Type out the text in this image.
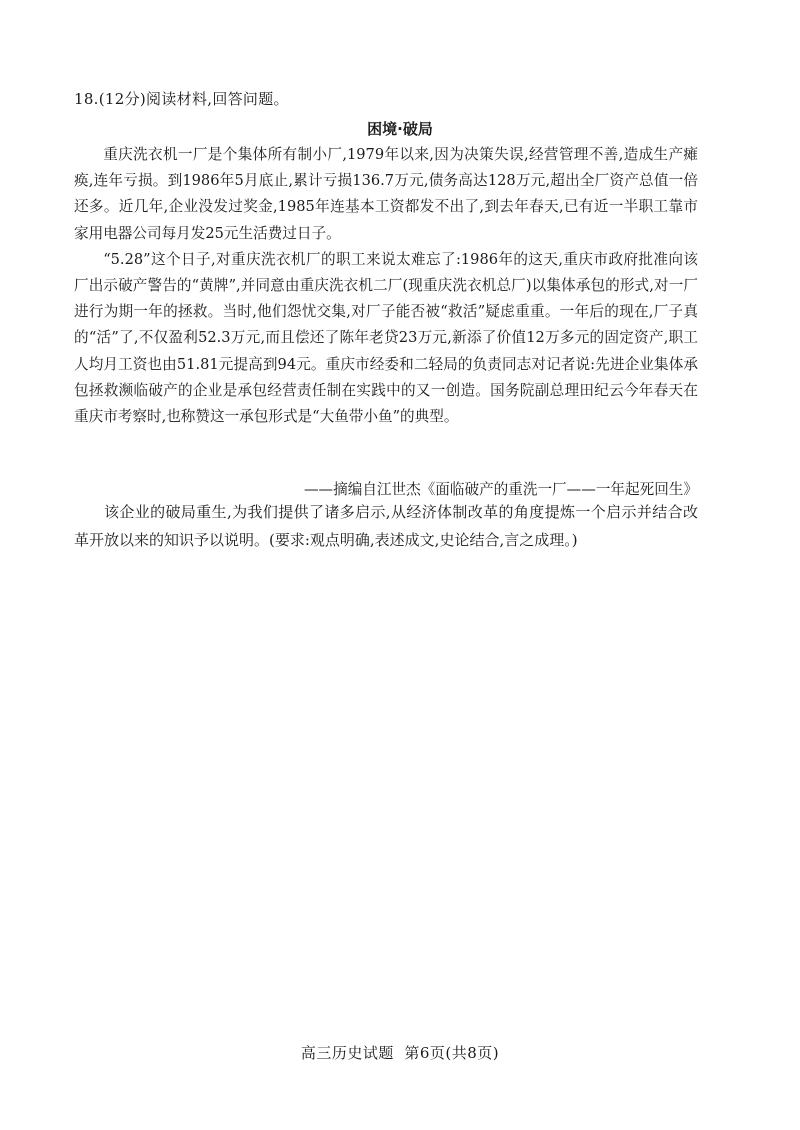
18.(12分)阅读材料,回答问题。
困境·破局

重庆洗衣机一厂是个集体所有制小厂,1979年以来,因为决策失误,经营管理不善,造成生产瘫痪,连年亏损。到1986年5月底止,累计亏损136.7万元,债务高达128万元,超出全厂资产总值一倍还多。近几年,企业没发过奖金,1985年连基本工资都发不出了,到去年春天,已有近一半职工靠市家用电器公司每月发25元生活费过日子。

“5.28”这个日子,对重庆洗衣机厂的职工来说太难忘了:1986年的这天,重庆市政府批准向该厂出示破产警告的“黄牌”,并同意由重庆洗衣机二厂(现重庆洗衣机总厂)以集体承包的形式,对一厂进行为期一年的拯救。当时,他们怨忧交集,对厂子能否被“救活”疑虑重重。一年后的现在,厂子真的“活”了,不仅盈利52.3万元,而且偿还了陈年老贷23万元,新添了价值12万多元的固定资产,职工人均月工资也由51.81元提高到94元。重庆市经委和二轻局的负责同志对记者说:先进企业集体承包拯救濒临破产的企业是承包经营责任制在实践中的又一创造。国务院副总理田纪云今年春天在重庆市考察时,也称赞这一承包形式是“大鱼带小鱼”的典型。

——摘编自江世杰《面临破产的重洗一厂——一年起死回生》

该企业的破局重生,为我们提供了诸多启示,从经济体制改革的角度提炼一个启示并结合改革开放以来的知识予以说明。(要求:观点明确,表述成文,史论结合,言之成理。)

高三历史试题  第6页(共8页)
